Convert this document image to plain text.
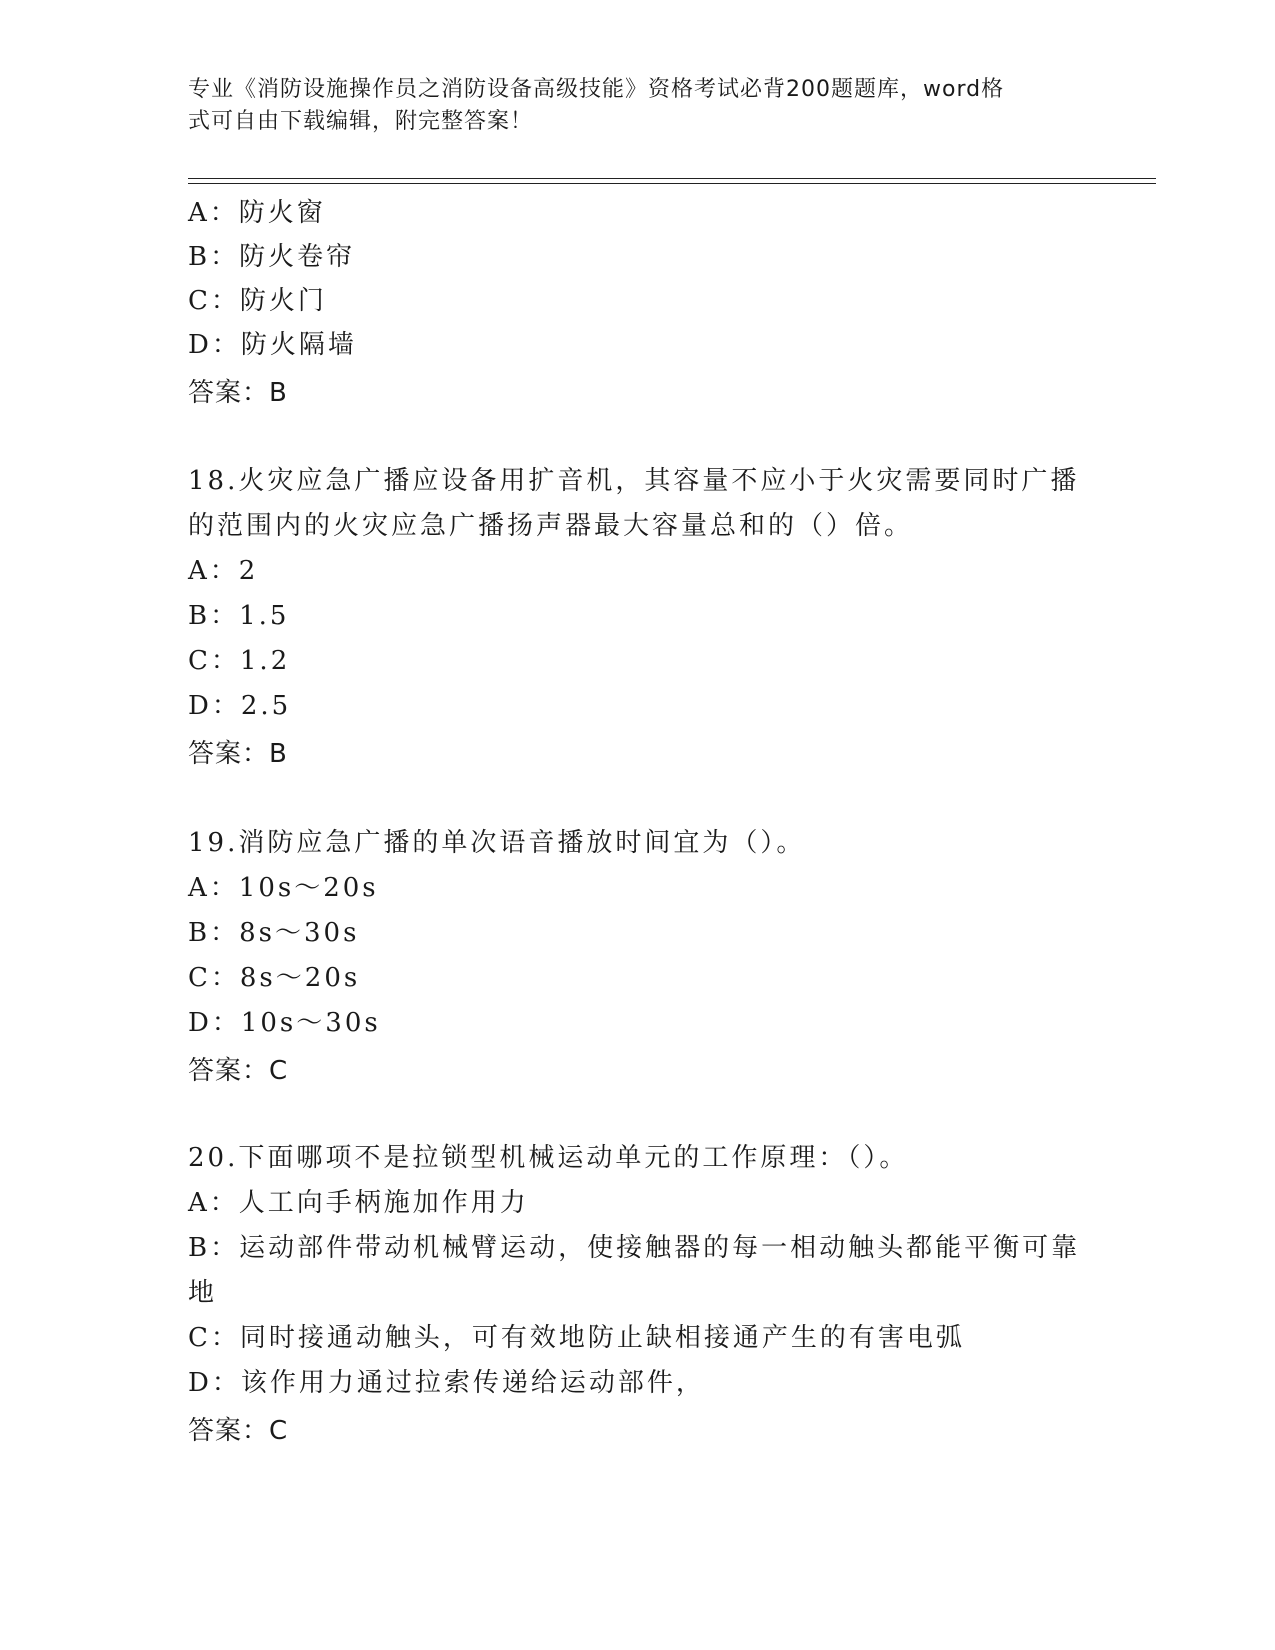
专业《消防设施操作员之消防设备高级技能》资格考试必背200题题库，word格
式可自由下载编辑，附完整答案！
A：防火窗
B：防火卷帘
C：防火门
D：防火隔墙
答案：B
18.火灾应急广播应设备用扩音机，其容量不应小于火灾需要同时广播
的范围内的火灾应急广播扬声器最大容量总和的（）倍。
A：2
B：1.5
C：1.2
D：2.5
答案：B
19.消防应急广播的单次语音播放时间宜为（）。
A：10s～20s
B：8s～30s
C：8s～20s
D：10s～30s
答案：C
20.下面哪项不是拉锁型机械运动单元的工作原理：（）。
A：人工向手柄施加作用力
B：运动部件带动机械臂运动，使接触器的每一相动触头都能平衡可靠
地
C：同时接通动触头，可有效地防止缺相接通产生的有害电弧
D：该作用力通过拉索传递给运动部件，
答案：C
